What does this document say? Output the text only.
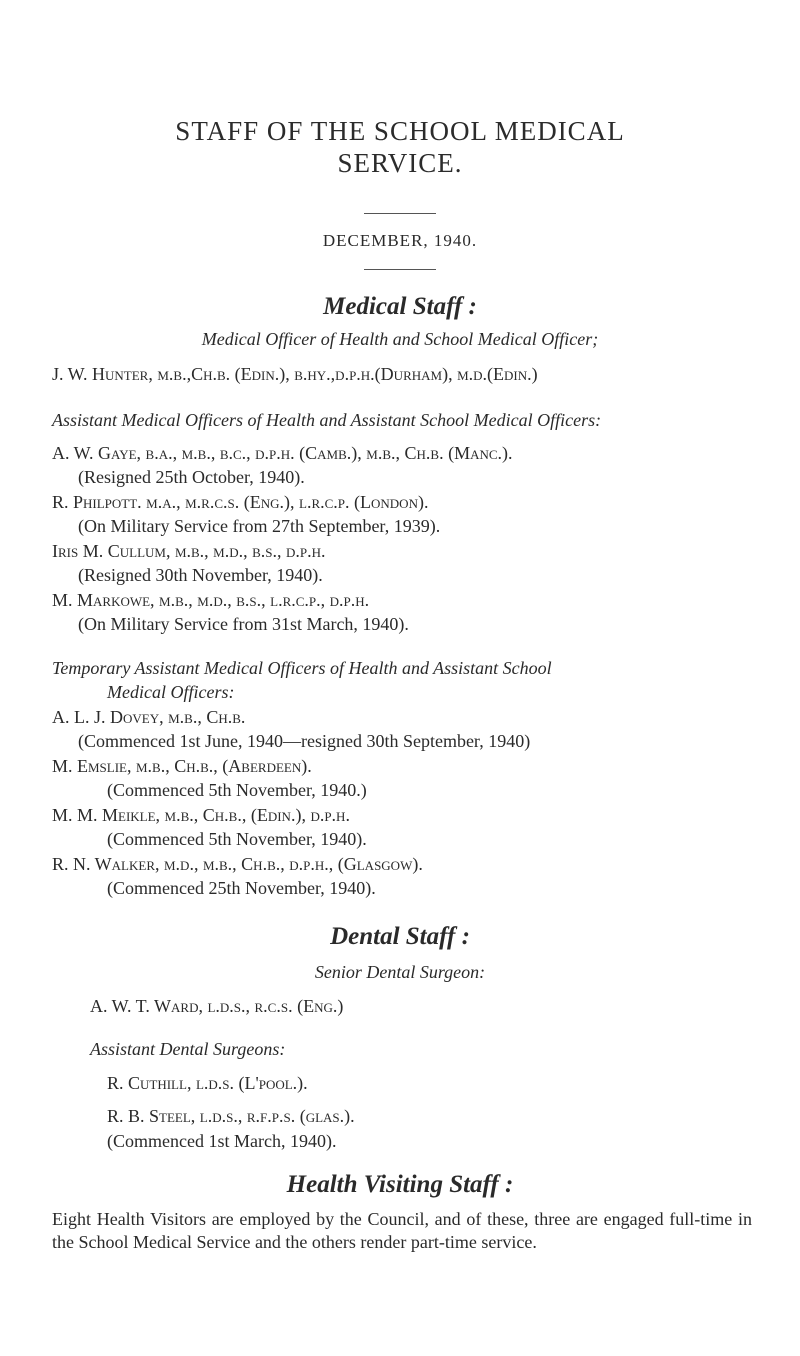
STAFF OF THE SCHOOL MEDICAL
SERVICE.
DECEMBER, 1940.
Medical Staff :
Medical Officer of Health and School Medical Officer;
J. W. Hunter, m.b.,Ch.b. (Edin.), b.hy.,d.p.h.(Durham), m.d.(Edin.)
Assistant Medical Officers of Health and Assistant School Medical Officers:
A. W. Gaye, b.a., m.b., b.c., d.p.h. (Camb.), m.b., Ch.b. (Manc.).
(Resigned 25th October, 1940).
R. Philpott. m.a., m.r.c.s. (Eng.), l.r.c.p. (London).
(On Military Service from 27th September, 1939).
Iris M. Cullum, m.b., m.d., b.s., d.p.h.
(Resigned 30th November, 1940).
M. Markowe, m.b., m.d., b.s., l.r.c.p., d.p.h.
(On Military Service from 31st March, 1940).
Temporary Assistant Medical Officers of Health and Assistant School
Medical Officers:
A. L. J. Dovey, m.b., Ch.b.
(Commenced 1st June, 1940—resigned 30th September, 1940)
M. Emslie, m.b., Ch.b., (Aberdeen).
(Commenced 5th November, 1940.)
M. M. Meikle, m.b., Ch.b., (Edin.), d.p.h.
(Commenced 5th November, 1940).
R. N. Walker, m.d., m.b., Ch.b., d.p.h., (Glasgow).
(Commenced 25th November, 1940).
Dental Staff :
Senior Dental Surgeon:
A. W. T. Ward, l.d.s., r.c.s. (Eng.)
Assistant Dental Surgeons:
R. Cuthill, l.d.s. (L'pool.).
R. B. Steel, l.d.s., r.f.p.s. (glas.).
(Commenced 1st March, 1940).
Health Visiting Staff :
Eight Health Visitors are employed by the Council, and of these, three are engaged full-time in the School Medical Service and the others render part-time service.
